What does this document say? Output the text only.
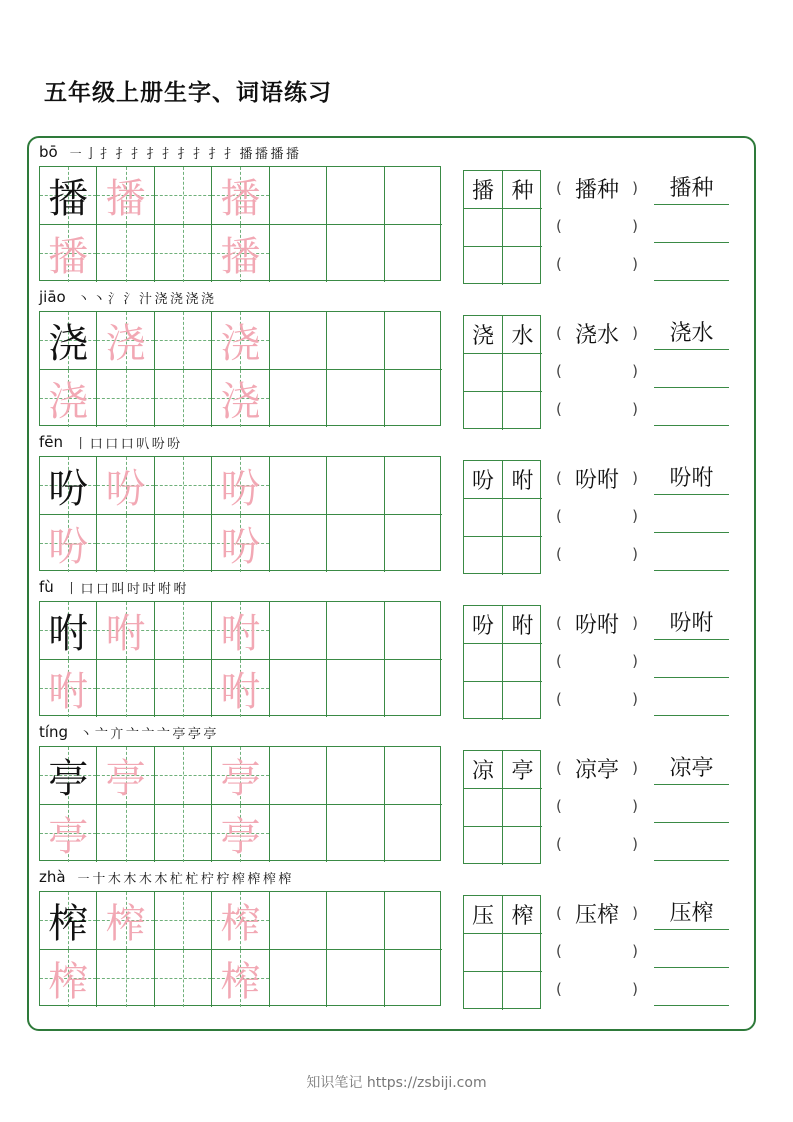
五年级上册生字、词语练习
bō ㇐ 亅 扌 扌 扌 扌 扌 扌 扌 扌 扌 播 播 播 播
播 播 播
播	播
播 种	( 播种 )
(	)
(	)
播种
jiāo 丶 丶 氵 氵 汁 浇 浇 浇 浇
浇 浇 浇
浇	浇
浇 水	( 浇水 )
(	)
(	)
浇水
fēn 丨 口 口 口 叭 吩 吩
吩 吩 吩
吩	吩
吩 咐	( 吩咐 )
(	)
(	)
吩咐
fù 丨 口 口 叫 吋 吋 咐 咐
咐 咐 咐
咐	咐
吩 咐	( 吩咐 )
(	)
(	)
吩咐
tíng 丶 亠 亣 亠 亠 亠 亭 亭 亭
亭 亭 亭
亭	亭
凉 亭	( 凉亭 )
(	)
(	)
凉亭
zhà ㇐ 十 木 木 木 木 杧 杧 柠 柠 榨 榨 榨 榨
榨 榨 榨
榨	榨
压 榨	( 压榨 )
(	)
(	)
压榨
知识笔记 https://zsbiji.com
